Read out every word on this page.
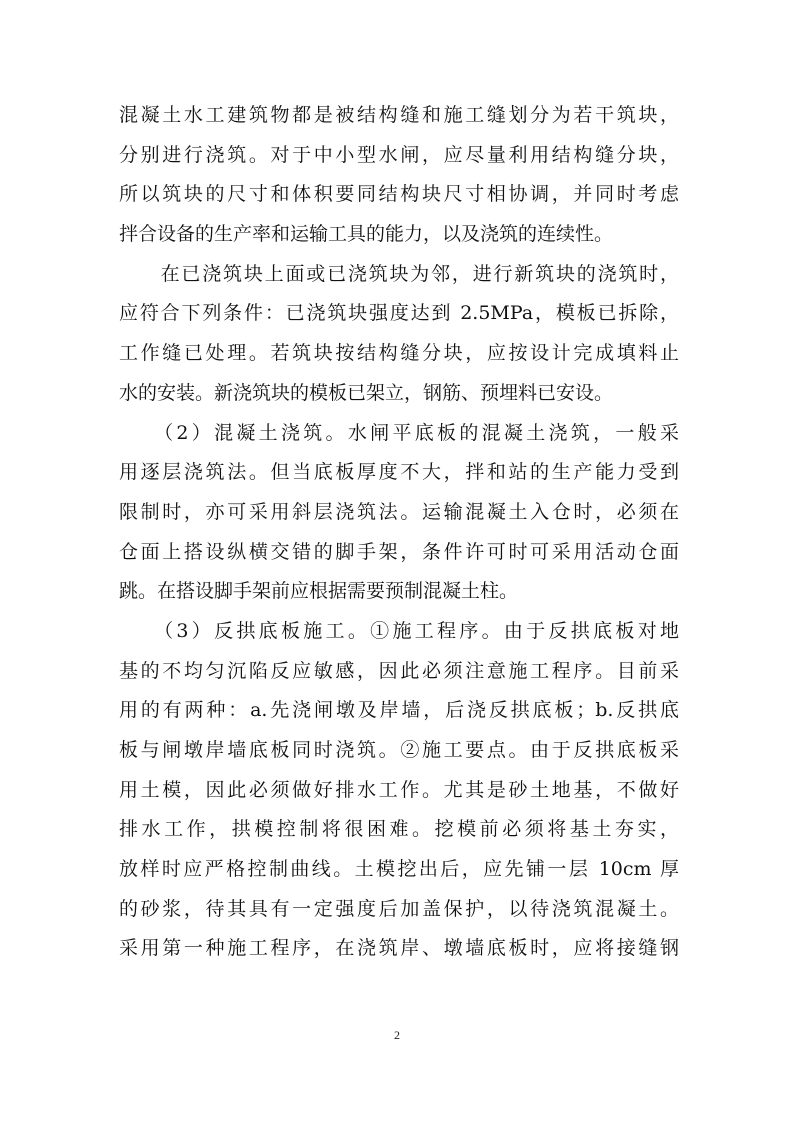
混凝土水工建筑物都是被结构缝和施工缝划分为若干筑块，
分别进行浇筑。对于中小型水闸，应尽量利用结构缝分块，
所以筑块的尺寸和体积要同结构块尺寸相协调，并同时考虑
拌合设备的生产率和运输工具的能力，以及浇筑的连续性。
　　在已浇筑块上面或已浇筑块为邻，进行新筑块的浇筑时，
应符合下列条件：已浇筑块强度达到 2.5MPa，模板已拆除，
工作缝已处理。若筑块按结构缝分块，应按设计完成填料止
水的安装。新浇筑块的模板已架立，钢筋、预埋料已安设。
　　（2）混凝土浇筑。水闸平底板的混凝土浇筑，一般采
用逐层浇筑法。但当底板厚度不大，拌和站的生产能力受到
限制时，亦可采用斜层浇筑法。运输混凝土入仓时，必须在
仓面上搭设纵横交错的脚手架，条件许可时可采用活动仓面
跳。在搭设脚手架前应根据需要预制混凝土柱。
　　（3）反拱底板施工。①施工程序。由于反拱底板对地
基的不均匀沉陷反应敏感，因此必须注意施工程序。目前采
用的有两种：a.先浇闸墩及岸墙，后浇反拱底板；b.反拱底
板与闸墩岸墙底板同时浇筑。②施工要点。由于反拱底板采
用土模，因此必须做好排水工作。尤其是砂土地基，不做好
排水工作，拱模控制将很困难。挖模前必须将基土夯实，
放样时应严格控制曲线。土模挖出后，应先铺一层 10cm 厚
的砂浆，待其具有一定强度后加盖保护，以待浇筑混凝土。
采用第一种施工程序，在浇筑岸、墩墙底板时，应将接缝钢
2
